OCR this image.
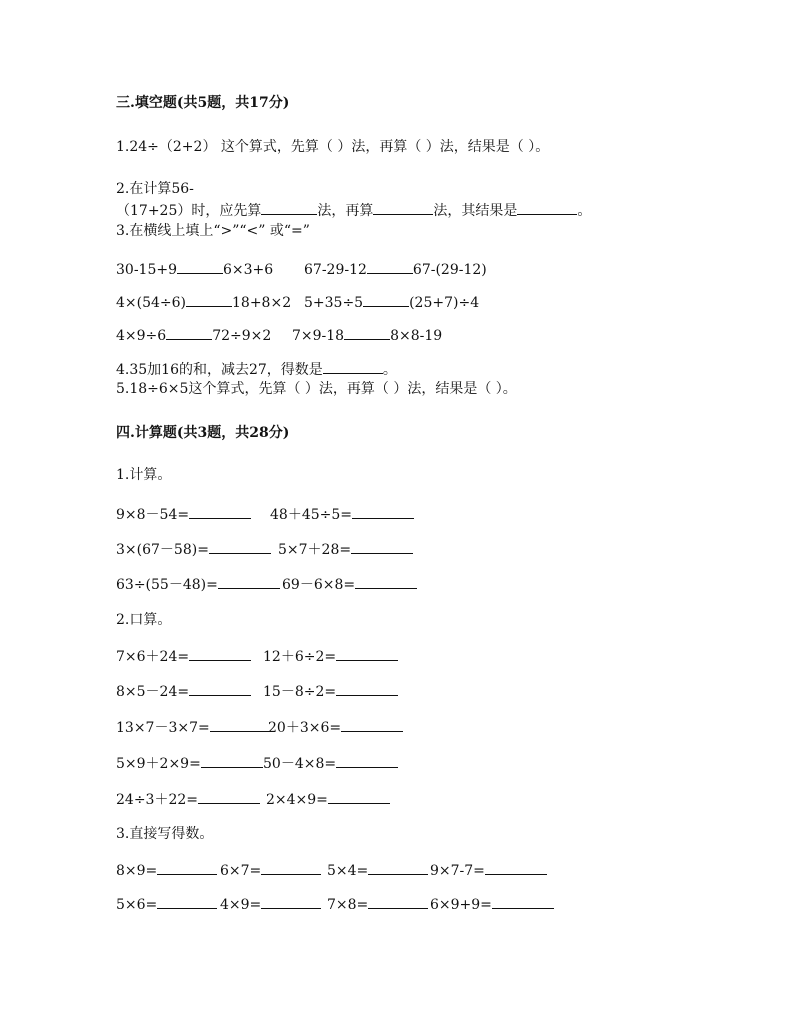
三.填空题(共5题，共17分)
1.24÷（2+2） 这个算式，先算（ ）法，再算（ ）法，结果是（ ）。
2.在计算56-
（17+25）时，应先算	法，再算	法，其结果是	。
3.在横线上填上“>”“<” 或“=”
30-15+9	6×3+6 67-29-12	67-(29-12)
4×(54÷6)	18+8×2 5+35÷5	(25+7)÷4
4×9÷6	72÷9×2 7×9-18	8×8-19
4.35加16的和，减去27，得数是	。
5.18÷6×5这个算式，先算（ ）法，再算（ ）法，结果是（ ）。
四.计算题(共3题，共28分)
1.计算。
9×8－54=	48＋45÷5=
3×(67－58)=	5×7＋28=
63÷(55－48)=	69－6×8=
2.口算。
7×6＋24=	12＋6÷2=
8×5－24=	15－8÷2=
13×7－3×7=	20＋3×6=
5×9＋2×9=	50－4×8=
24÷3＋22=	2×4×9=
3.直接写得数。
8×9=	6×7=	5×4=	9×7-7=
5×6=	4×9=	7×8=	6×9+9=
